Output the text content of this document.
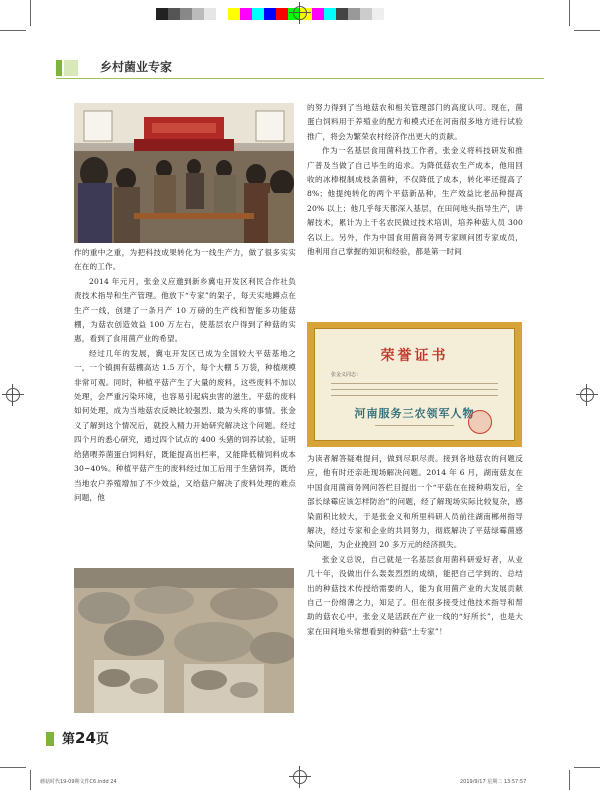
乡村菌业专家

作的重中之重，为把科技成果转化为一线生产力，做了很多实实在在的工作。

2014 年元月，张金义应邀到新乡冀屯开发区利民合作社负责技术指导和生产管理。他放下“专家”的架子，每天实地蹲点在生产一线，创建了一条月产 10 万磅的生产线和智能多功能菇棚，为菇农创造效益 100 万左右，使基层农户得到了种菇的实惠，看到了食用菌产业的希望。

经过几年的发展，冀屯开发区已成为全国较大平菇基地之一，一个镇拥有菇棚高达 1.5 万个，每个大棚 5 万袋，种植规模非常可观。同时，种植平菇产生了大量的废料，这些废料不加以处理，会严重污染环境，也容易引起病虫害的滋生。平菇的废料如何处理，成为当地菇农反映比较强烈、最为头疼的事情。张金义了解到这个情况后，就投入精力开始研究解决这个问题。经过四个月的悉心研究，通过四个试点的 400 头猪的饲养试验，证明给猪喂养菌蛋白饲料好，既能提高出栏率，又能降低精饲料成本 30~40%。种植平菇产生的废料经过加工后用于生猪饲养，既给当地农户养殖增加了不少效益，又给菇户解决了废料处理的难点问题，他

的努力得到了当地菇农和相关管理部门的高度认可。现在，菌蛋白饲料用于养殖业的配方和模式还在河南很多地方进行试验推广，将会为繁荣农村经济作出更大的贡献。

作为一名基层食用菌科技工作者，张金义将科技研发和推广普及当做了自己毕生的追求。为降低菇农生产成本，他用回收的冰棒棍制成枝条菌种，不仅降低了成本，转化率还提高了 8%；他提纯转化的两个平菇新品种，生产效益比老品种提高 20% 以上；他几乎每天都深入基层，在田间地头指导生产，讲解技术，累计为上千名农民做过技术培训，培养种菇人员 300 名以上。另外，作为中国食用菌商务网专家顾问团专家成员，他利用自己掌握的知识和经验，都是第一时间

荣誉证书
张金义同志：
河南服务三农领军人物

为读者解答疑难提问，做到尽职尽责。接到各地菇农的问题反应，他有时还亲赴现场解决问题。2014 年 6 月，湖南菇友在中国食用菌商务网问答栏目提出一个“平菇在在接种萌发后，全部长绿霉应该怎样防治”的问题，经了解现场实际比较复杂，感染面积比较大，于是张金义和所里科研人员前往湖南郴州指导解决，经过专家和企业的共同努力，彻底解决了平菇绿霉菌感染问题，为企业挽回 20 多万元的经济损失。

张金义总说，自己就是一名基层食用菌科研爱好者，从业几十年，没做出什么轰轰烈烈的成绩，能把自己学到的、总结出的种菇技术传授给需要的人，能为食用菌产业的大发展贡献自己一份绵薄之力，知足了。但在很多接受过他技术指导和帮助的菇农心中，张金义是活跃在产业一线的“好所长”，也是大家在田间地头常想看到的种菇“土专家”！

第24页
蘑菇时代19-09期文件C6.indd 24	2019/9/17 星期二 13:57:57
